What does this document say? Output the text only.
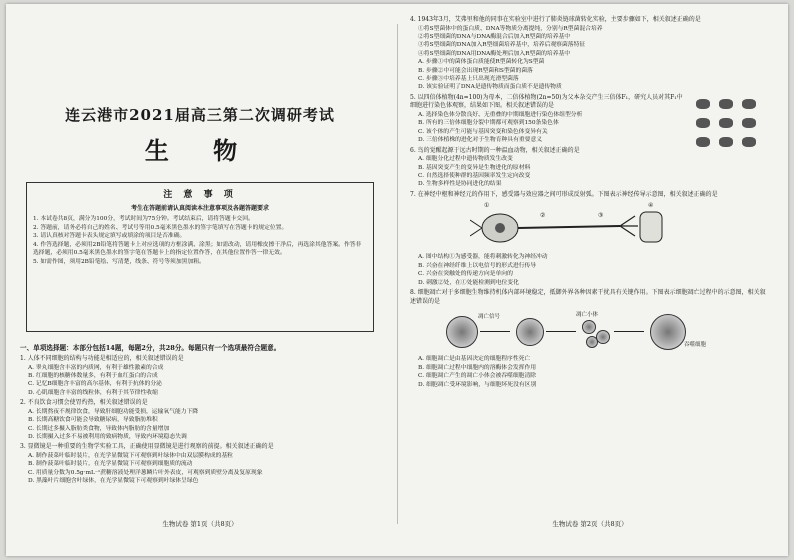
连云港市2021届高三第二次调研考试
生 物
注 意 事 项
考生在答题前请认真阅读本注意事项及各题答题要求
1. 本试卷共8页，满分为100分，考试时间为75分钟。考试结束后，请将答题卡交回。
2. 答题前，请务必将自己的姓名、考试号等用0.5毫米黑色墨水的签字笔填写在答题卡的规定位置。
3. 请认真核对答题卡表头规定填写或填涂的项目是否准确。
4. 作答选择题，必须用2B铅笔将答题卡上对应选项的方框涂满、涂黑；如需改动，请用橡皮擦干净后，再选涂其他答案。作答非选择题，必须用0.5毫米黑色墨水的签字笔在答题卡上的指定位置作答，在其他位置作答一律无效。
5. 如需作图，须用2B铅笔绘、写清楚，线条、符号等须加黑加粗。
一、单项选择题：本部分包括14题，每题2分，共28分。每题只有一个选项最符合题意。
1. 人体不同细胞的结构与功能是相适应的，相关叙述错误的是
A. 睾丸细胞含丰富的内质网，有利于雄性激素的合成
B. 红细胞的核糖体数量多，有利于血红蛋白的合成
C. 记忆B细胞含丰富的高尔基体，有利于抗体的分泌
D. 心肌细胞含丰富的线粒体，有利于其节律性收缩
2. 不良饮食习惯会使胃灼热，相关叙述错误的是
A. 长期熬夜不规律饮食，导致肝细胞功能受损，运输氧气能力下降
B. 长期高糖饮食可能会导致糖尿病，导致脂肪堆积
C. 长期过多摄入脂肪类食物，导致体内脂肪的含量增加
D. 长期摄入过多不易被利用的致病物质，导致内环境稳态失调
3. 显微镜是一种重要的生物学实验工具，正确使用显微镜是进行观察的前提。相关叙述正确的是
A. 制作菠菜叶临时装片，在光学显微镜下可观察到叶绿体中由双层膜构成的基粒
B. 制作菠菜叶临时装片，在光学显微镜下可观察到细胞质的流动
C. 用质量分数为0.5g·mL⁻¹蔗糖溶液处理洋葱鳞片叶外表皮，可观察到质壁分离及复原现象
D. 黑藻叶片细胞含叶绿体，在光学显微镜下可观察到叶绿体呈绿色
生物试卷 第1页（共8页）
4. 1943年3月，艾弗里和他的同事在实验室中进行了肺炎链球菌转化实验，主要步骤如下，相关叙述正确的是
①将S型菌体中的蛋白质、DNA等物质分离提纯，分别与R型菌混合培养
②将S型细菌的DNA与DNA酶混合后加入R型菌的培养基中
③将S型细菌的DNA加入R型细菌培养基中，培养后观察菌落特征
④将S型细菌的DNA用DNA酶处理后加入R型菌的培养基中
A. 步骤①中的菌体蛋白质能使R型菌转化为S型菌
B. 步骤②中可能会出现R型菌和S型菌的菌落
C. 步骤③中培养基上只出现光滑型菌落
D. 该实验证明了DNA是遗传物质而蛋白质不是遗传物质

5. 以四倍体植物(4n=100)为母本，二倍体植物(2n=50)为父本杂交产生三倍体F₁，研究人员对其F₁中细胞进行染色体观察，结果如下图。相关叙述错误的是
A. 选择染色体分散良好、无重叠的中期细胞进行染色体组型分析
B. 所有的三倍体细胞分裂中期都可观察到150条染色体
C. 该个体的产生可能与基因突变和染色体变异有关
D. 三倍体植株的进化对于生物育种具有重要意义
6. 鸟的觉醒起源于远古时期的一种温血动物，相关叙述正确的是
A. 细胞分化过程中遗传物质发生改变
B. 基因突变产生的变异是生物进化的原材料
C. 自然选择使种群的基因频率发生定向改变
D. 生物多样性是协同进化的结果
7. 在神经中枢和神经元的作用下，感受器与效应器之间可形成反射弧。下图表示神经传导示意图，相关叙述正确的是
①
②	③
④
A. 图中结构①为感受器，能将刺激转化为神经冲动
B. 兴奋在神经纤维上以电信号的形式进行传导
C. 兴奋在突触处的传递方向是单向的
D. 刺激②处，在①处能检测到电位变化
8. 细胞凋亡对于多细胞生物维持机体内部环境稳定，抵御外界各种因素干扰具有关键作用。下图表示细胞凋亡过程中的示意图，相关叙述错误的是
凋亡信号	凋亡小体
吞噬细胞
A. 细胞凋亡是由基因决定的细胞程序性死亡
B. 细胞凋亡过程中细胞内的溶酶体会发挥作用
C. 细胞凋亡产生的凋亡小体会被吞噬细胞清除
D. 细胞凋亡受环境影响，与细胞坏死没有区别
生物试卷 第2页（共8页）
